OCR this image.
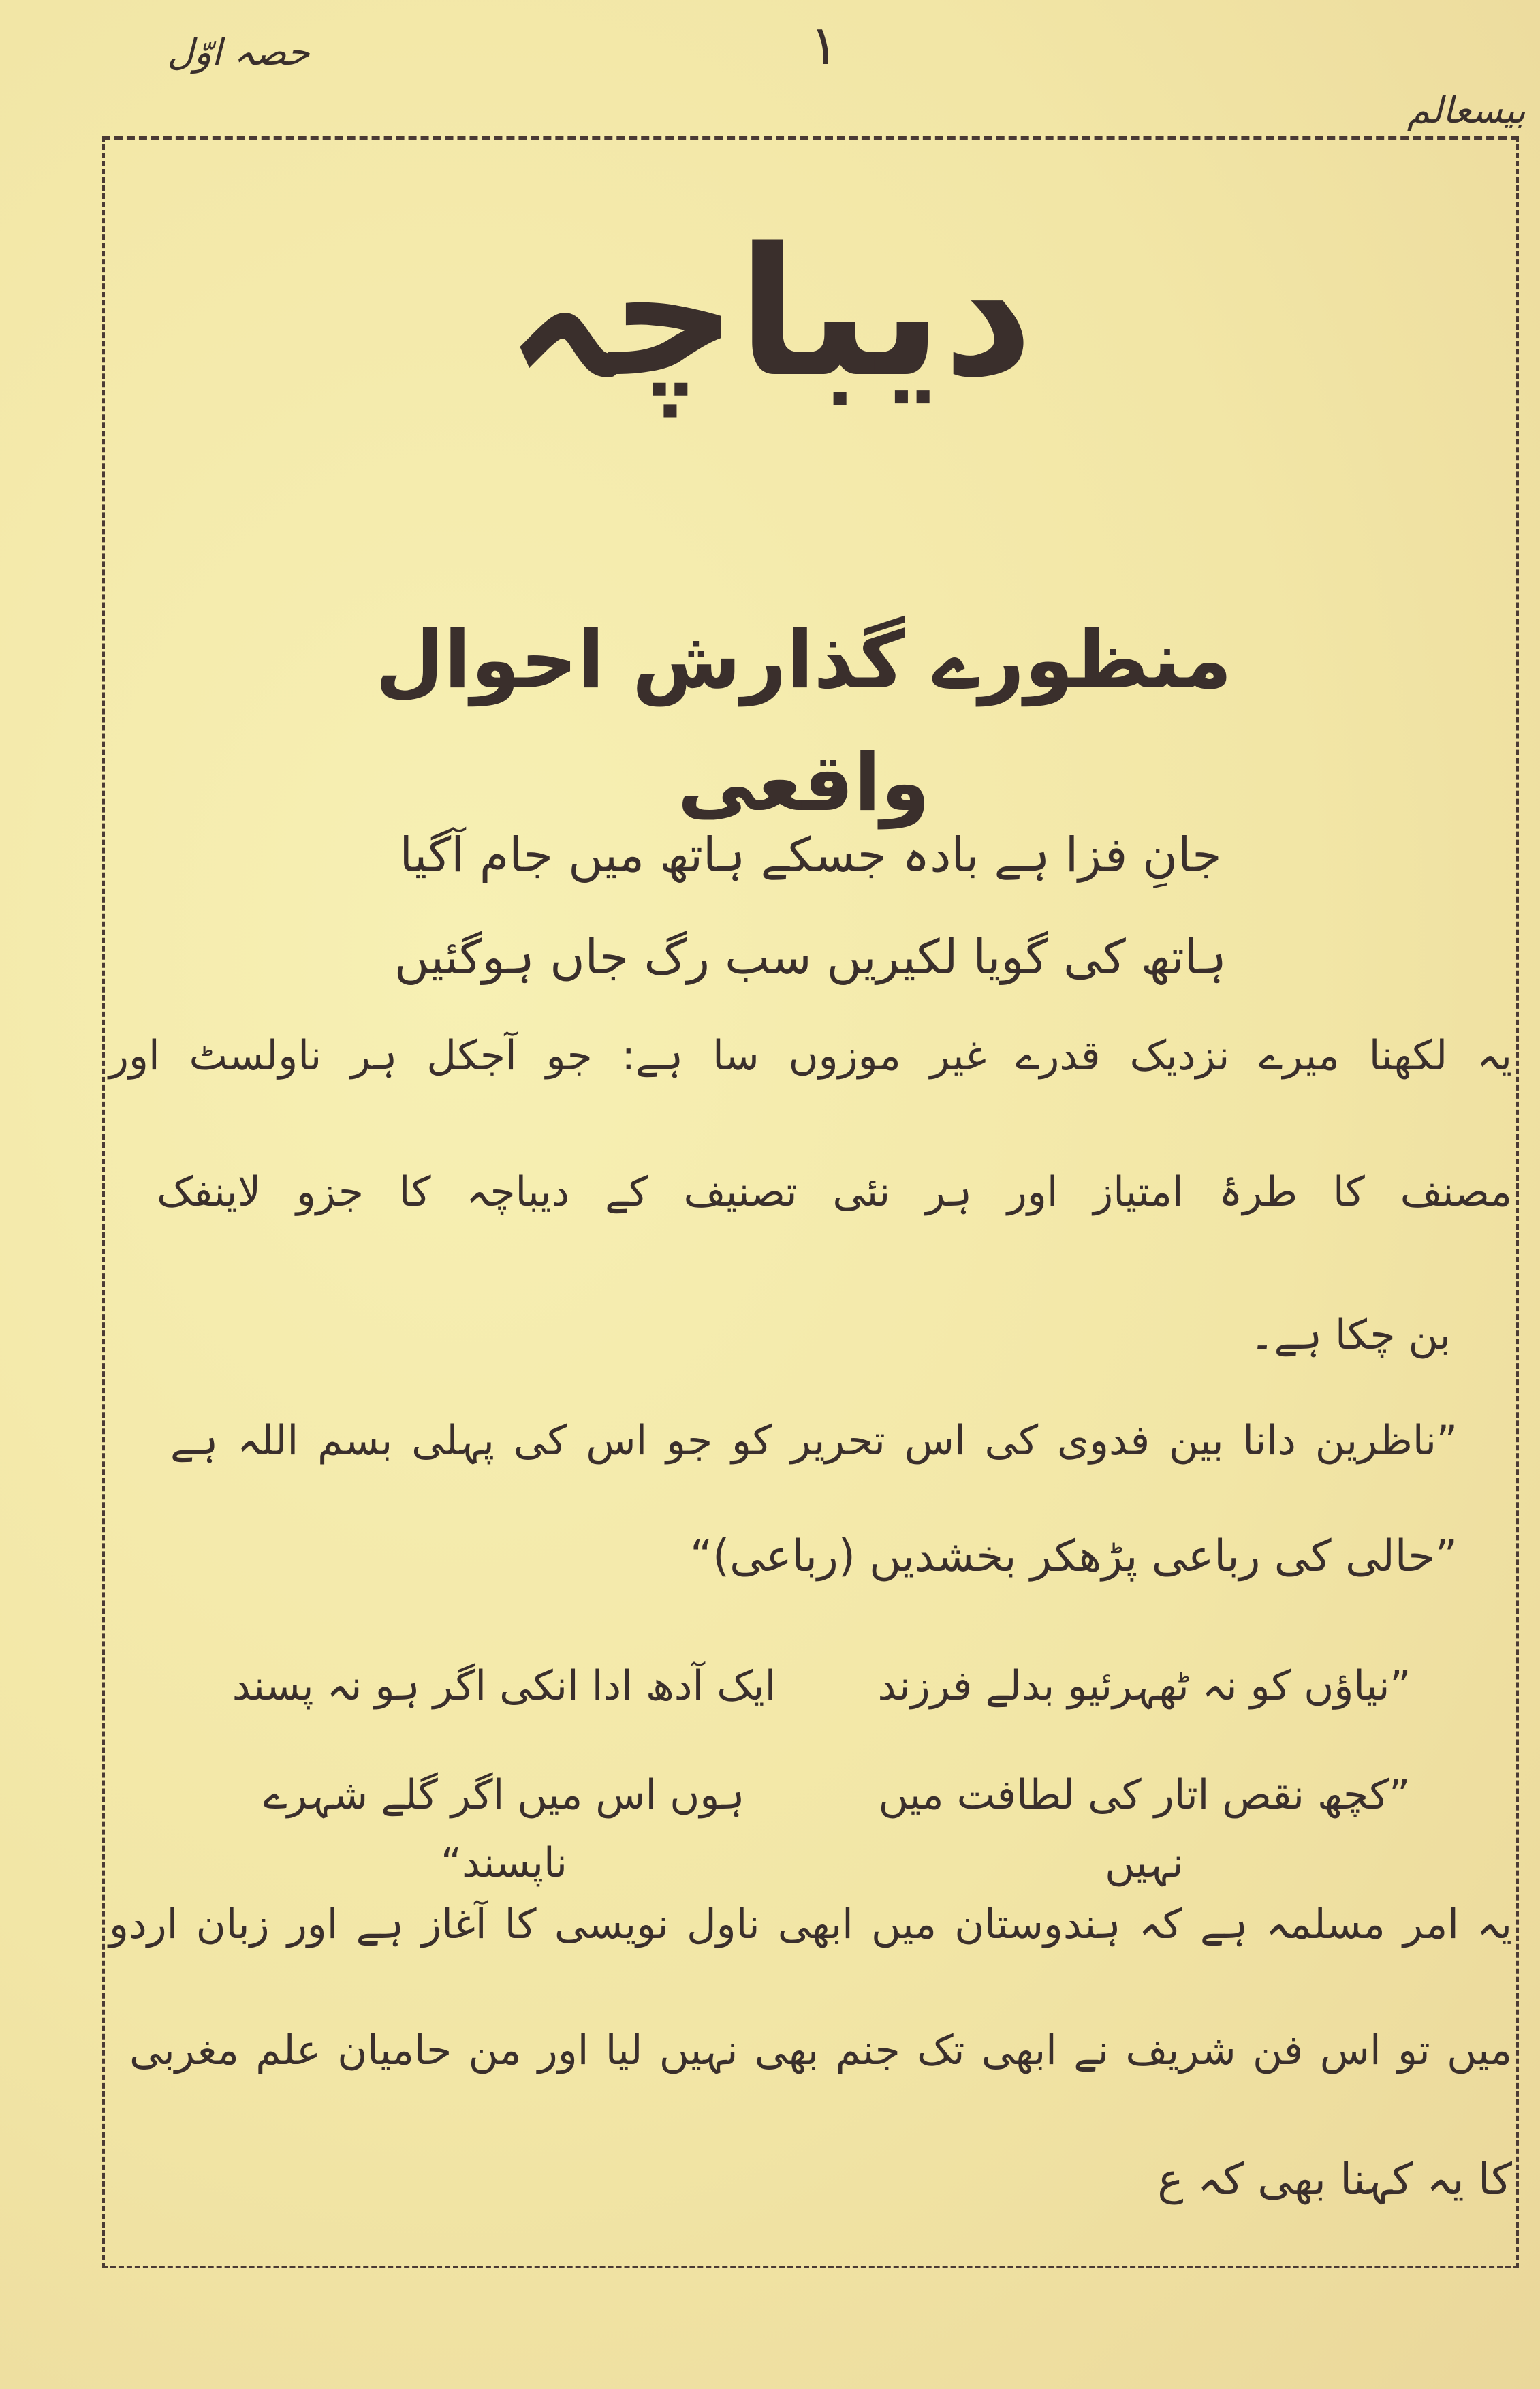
بیسعالم
۱
حصہ اوّل
دیباچہ
منظورے گذارش احوال واقعی
جانِ فزا ہے بادہ جسکے ہاتھ میں جام آگیا
ہاتھ کی گویا لکیریں سب رگ جاں ہوگئیں
یہ لکھنا میرے نزدیک قدرے غیر موزوں سا ہے: جو آجکل ہر ناولسٹ اور
مصنف کا طرۂ امتیاز اور ہر نئی تصنیف کے دیباچہ کا جزو لاینفک
بن چکا ہے۔
”ناظرین دانا بین فدوی کی اس تحریر کو جو اس کی پہلی بسم اللہ ہے
”حالی کی رباعی پڑھکر بخشدیں (رباعی)“
”نیاؤں کو نہ ٹھہرئیو بدلے فرزند
ایک آدھ ادا انکی اگر ہو نہ پسند
”کچھ نقص اتار کی لطافت میں نہیں
ہوں اس میں اگر گلے شہرے ناپسند“
یہ امر مسلمہ ہے کہ ہندوستان میں ابھی ناول نویسی کا آغاز ہے اور زبان اردو
میں تو اس فن شریف نے ابھی تک جنم بھی نہیں لیا اور من حامیان علم مغربی
کا یہ کہنا بھی کہ ع
